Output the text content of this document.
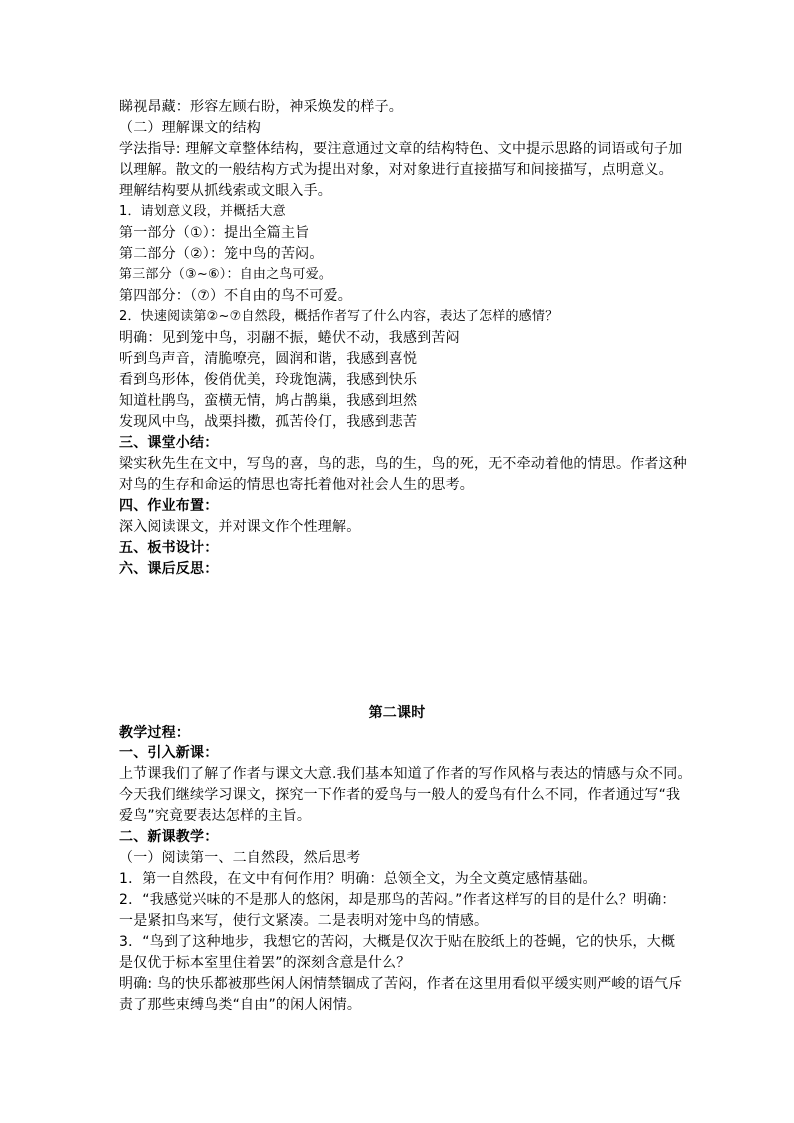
睇视昂藏：形容左顾右盼，神采焕发的样子。

（二）理解课文的结构

学法指导: 理解文章整体结构，要注意通过文章的结构特色、文中提示思路的词语或句子加

以理解。散文的一般结构方式为提出对象，对对象进行直接描写和间接描写，点明意义。

理解结构要从抓线索或文眼入手。

1．请划意义段，并概括大意

第一部分（①）：提出全篇主旨

第二部分（②）：笼中鸟的苦闷。

第三部分（③~⑥）：自由之鸟可爱。

第四部分：（⑦）不自由的鸟不可爱。

2．快速阅读第②~⑦自然段，概括作者写了什么内容，表达了怎样的感情？

明确：见到笼中鸟，羽翮不振，蜷伏不动，我感到苦闷

听到鸟声音，清脆嘹亮，圆润和谐，我感到喜悦

看到鸟形体，俊俏优美，玲珑饱满，我感到快乐

知道杜鹃鸟，蛮横无情，鸠占鹊巢，我感到坦然

发现风中鸟，战栗抖擞，孤苦伶仃，我感到悲苦

三、课堂小结：

梁实秋先生在文中，写鸟的喜，鸟的悲，鸟的生，鸟的死，无不牵动着他的情思。作者这种

对鸟的生存和命运的情思也寄托着他对社会人生的思考。

四、作业布置：

深入阅读课文，并对课文作个性理解。

五、板书设计：

六、课后反思：

第二课时

教学过程：

一、引入新课：

上节课我们了解了作者与课文大意.我们基本知道了作者的写作风格与表达的情感与众不同。

今天我们继续学习课文，探究一下作者的爱鸟与一般人的爱鸟有什么不同，作者通过写“我

爱鸟”究竟要表达怎样的主旨。

二、新课教学：

（一）阅读第一、二自然段，然后思考

1．第一自然段，在文中有何作用？明确：总领全文，为全文奠定感情基础。

2．“我感觉兴味的不是那人的悠闲，却是那鸟的苦闷。”作者这样写的目的是什么？明确：

一是紧扣鸟来写，使行文紧凑。二是表明对笼中鸟的情感。

3．“鸟到了这种地步，我想它的苦闷，大概是仅次于贴在胶纸上的苍蝇，它的快乐，大概

是仅优于标本室里住着罢”的深刻含意是什么？

明确: 鸟的快乐都被那些闲人闲情禁锢成了苦闷，作者在这里用看似平缓实则严峻的语气斥

责了那些束缚鸟类“自由”的闲人闲情。
